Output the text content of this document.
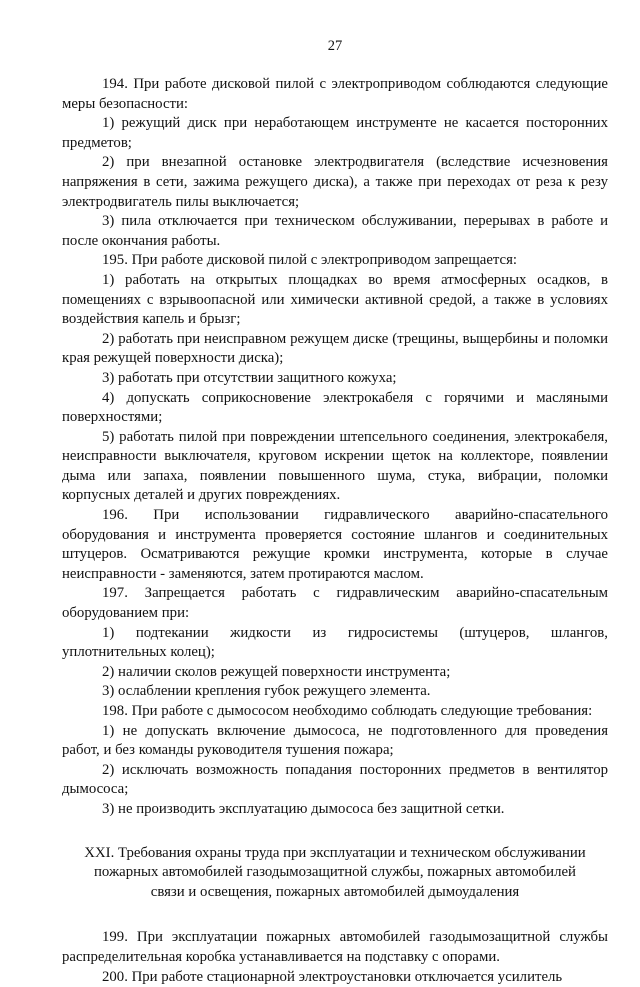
27

194. При работе дисковой пилой с электроприводом соблюдаются следующие меры безопасности:

1) режущий диск при неработающем инструменте не касается посторонних предметов;

2) при внезапной остановке электродвигателя (вследствие исчезновения напряжения в сети, зажима режущего диска), а также при переходах от реза к резу электродвигатель пилы выключается;

3) пила отключается при техническом обслуживании, перерывах в работе и после окончания работы.

195. При работе дисковой пилой с электроприводом запрещается:

1) работать на открытых площадках во время атмосферных осадков, в помещениях с взрывоопасной или химически активной средой, а также в условиях воздействия капель и брызг;

2) работать при неисправном режущем диске (трещины, выщербины и поломки края режущей поверхности диска);

3) работать при отсутствии защитного кожуха;

4) допускать соприкосновение электрокабеля с горячими и масляными поверхностями;

5) работать пилой при повреждении штепсельного соединения, электрокабеля, неисправности выключателя, круговом искрении щеток на коллекторе, появлении дыма или запаха, появлении повышенного шума, стука, вибрации, поломки корпусных деталей и других повреждениях.

196. При использовании гидравлического аварийно-спасательного оборудования и инструмента проверяется состояние шлангов и соединительных штуцеров. Осматриваются режущие кромки инструмента, которые в случае неисправности - заменяются, затем протираются маслом.

197. Запрещается работать с гидравлическим аварийно-спасательным оборудованием при:

1) подтекании жидкости из гидросистемы (штуцеров, шлангов, уплотнительных колец);

2) наличии сколов режущей поверхности инструмента;

3) ослаблении крепления губок режущего элемента.

198. При работе с дымососом необходимо соблюдать следующие требования:

1) не допускать включение дымососа, не подготовленного для проведения работ, и без команды руководителя тушения пожара;

2) исключать возможность попадания посторонних предметов в вентилятор дымососа;

3) не производить эксплуатацию дымососа без защитной сетки.

XXI. Требования охраны труда при эксплуатации и техническом обслуживании пожарных автомобилей газодымозащитной службы, пожарных автомобилей связи и освещения, пожарных автомобилей дымоудаления

199. При эксплуатации пожарных автомобилей газодымозащитной службы распределительная коробка устанавливается на подставку с опорами.

200. При работе стационарной электроустановки отключается усилитель
